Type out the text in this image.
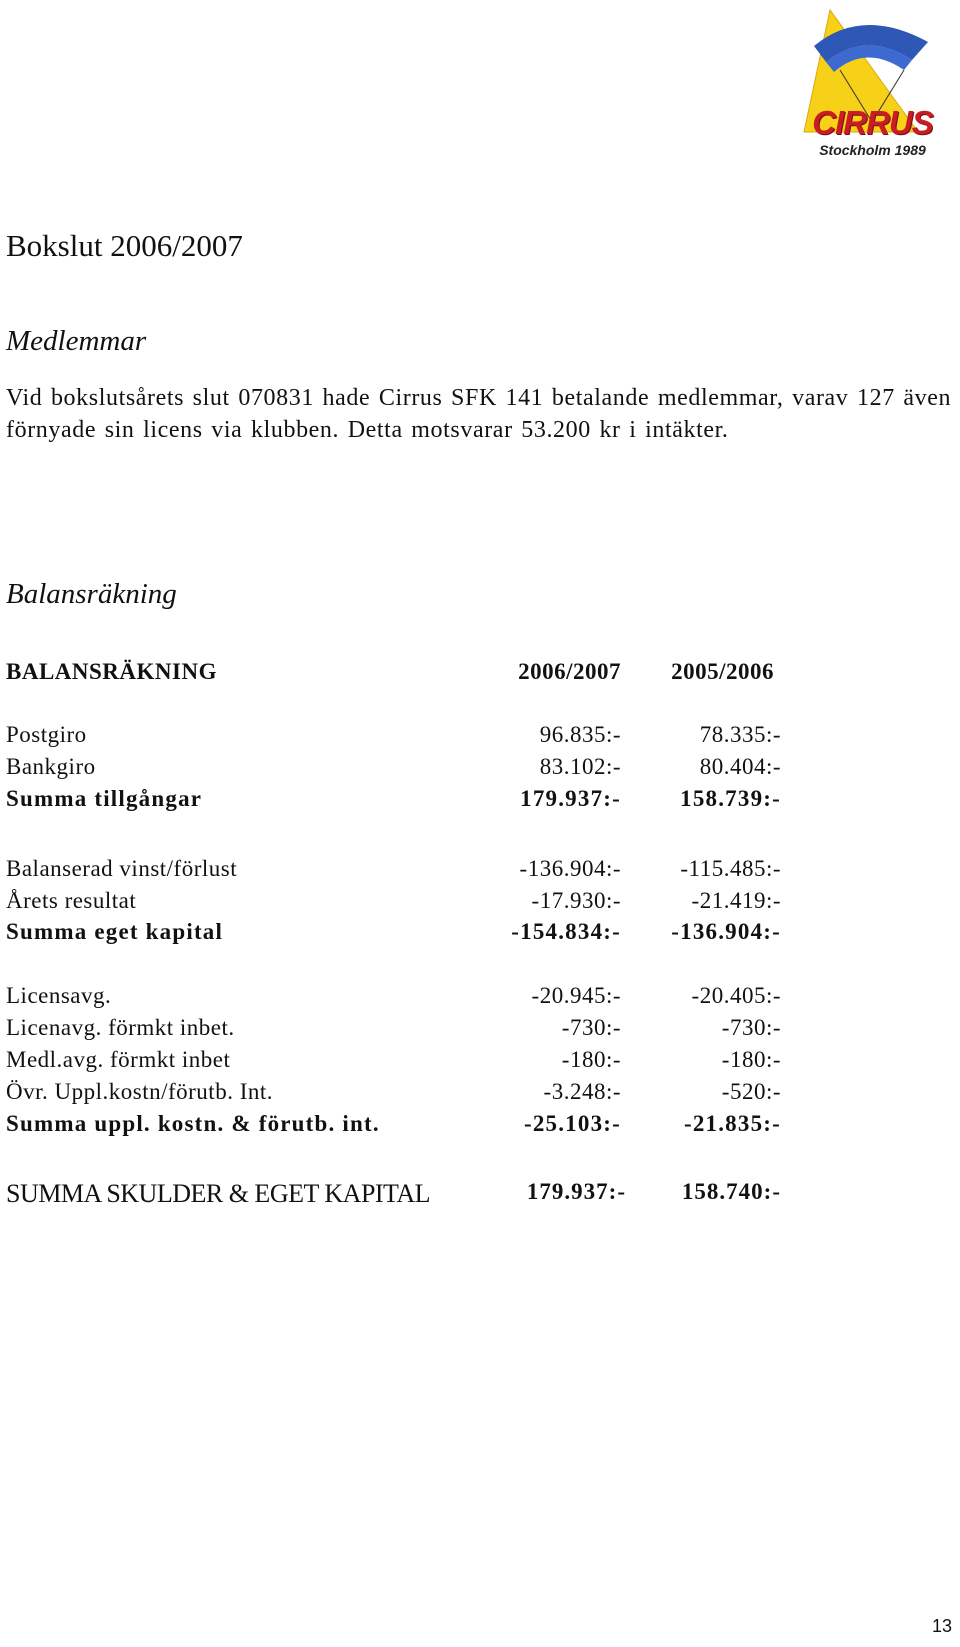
CIRRUS
Stockholm 1989
Bokslut 2006/2007
Medlemmar
Vid bokslutsårets slut 070831 hade Cirrus SFK 141 betalande medlemmar, varav 127 även förnyade sin licens via klubben. Detta motsvarar 53.200 kr i intäkter.
Balansräkning
BALANSRÄKNING	2006/2007 2005/2006
Postgiro	96.835:-	78.335:-
Bankgiro	83.102:-	80.404:-
Summa tillgångar	179.937:-	158.739:-
Balanserad vinst/förlust	-136.904:-	-115.485:-
Årets resultat	-17.930:-	-21.419:-
Summa eget kapital	-154.834:- -136.904:-
Licensavg.	-20.945:-	-20.405:-
Licenavg. förmkt inbet.	-730:-	-730:-
Medl.avg. förmkt inbet	-180:-	-180:-
Övr. Uppl.kostn/förutb. Int.	-3.248:-	-520:-
Summa uppl. kostn. & förutb. int.	-25.103:-	-21.835:-
SUMMA SKULDER & EGET KAPITAL	179.937:- 158.740:-
13
